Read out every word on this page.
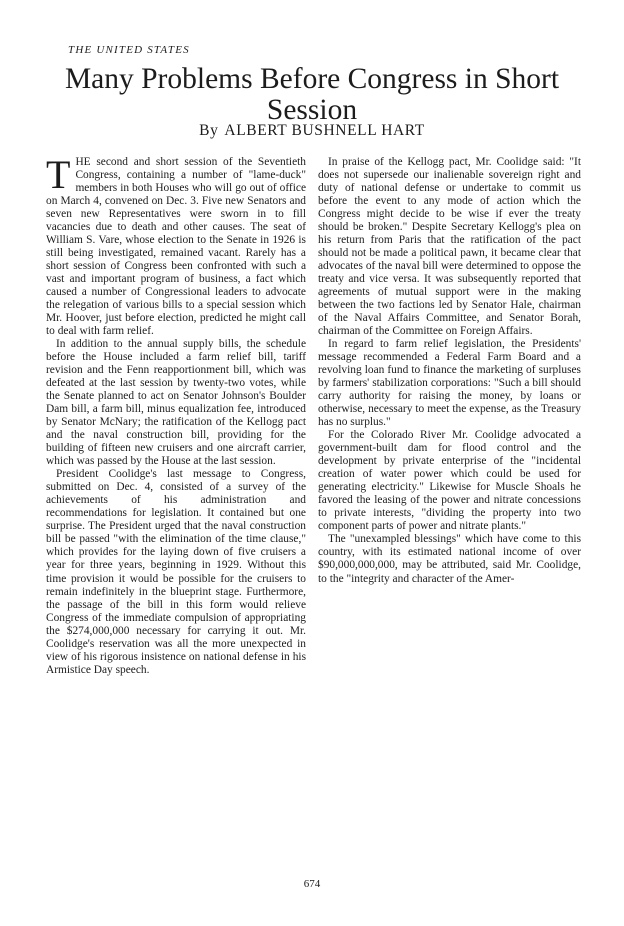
THE UNITED STATES
Many Problems Before Congress in Short Session
By ALBERT BUSHNELL HART

THE second and short session of the Seventieth Congress, containing a number of "lame-duck" members in both Houses who will go out of office on March 4, convened on Dec. 3. Five new Senators and seven new Representatives were sworn in to fill vacancies due to death and other causes. The seat of William S. Vare, whose election to the Senate in 1926 is still being investigated, remained vacant. Rarely has a short session of Congress been confronted with such a vast and important program of business, a fact which caused a number of Congressional leaders to advocate the relegation of various bills to a special session which Mr. Hoover, just before election, predicted he might call to deal with farm relief.

In addition to the annual supply bills, the schedule before the House included a farm relief bill, tariff revision and the Fenn reapportionment bill, which was defeated at the last session by twenty-two votes, while the Senate planned to act on Senator Johnson's Boulder Dam bill, a farm bill, minus equalization fee, introduced by Senator McNary; the ratification of the Kellogg pact and the naval construction bill, providing for the building of fifteen new cruisers and one aircraft carrier, which was passed by the House at the last session.

President Coolidge's last message to Congress, submitted on Dec. 4, consisted of a survey of the achievements of his administration and recommendations for legislation. It contained but one surprise. The President urged that the naval construction bill be passed "with the elimination of the time clause," which provides for the laying down of five cruisers a year for three years, beginning in 1929. Without this time provision it would be possible for the cruisers to remain indefinitely in the blueprint stage. Furthermore, the passage of the bill in this form would relieve Congress of the immediate compulsion of appropriating the $274,000,000 necessary for carrying it out. Mr. Coolidge's reservation was all the more unexpected in view of his rigorous insistence on national defense in his Armistice Day speech.

In praise of the Kellogg pact, Mr. Coolidge said: "It does not supersede our inalienable sovereign right and duty of national defense or undertake to commit us before the event to any mode of action which the Congress might decide to be wise if ever the treaty should be broken." Despite Secretary Kellogg's plea on his return from Paris that the ratification of the pact should not be made a political pawn, it became clear that advocates of the naval bill were determined to oppose the treaty and vice versa. It was subsequently reported that agreements of mutual support were in the making between the two factions led by Senator Hale, chairman of the Naval Affairs Committee, and Senator Borah, chairman of the Committee on Foreign Affairs.

In regard to farm relief legislation, the Presidents' message recommended a Federal Farm Board and a revolving loan fund to finance the marketing of surpluses by farmers' stabilization corporations: "Such a bill should carry authority for raising the money, by loans or otherwise, necessary to meet the expense, as the Treasury has no surplus."

For the Colorado River Mr. Coolidge advocated a government-built dam for flood control and the development by private enterprise of the "incidental creation of water power which could be used for generating electricity." Likewise for Muscle Shoals he favored the leasing of the power and nitrate concessions to private interests, "dividing the property into two component parts of power and nitrate plants."

The "unexampled blessings" which have come to this country, with its estimated national income of over $90,000,000,000, may be attributed, said Mr. Coolidge, to the "integrity and character of the Amer-

674
